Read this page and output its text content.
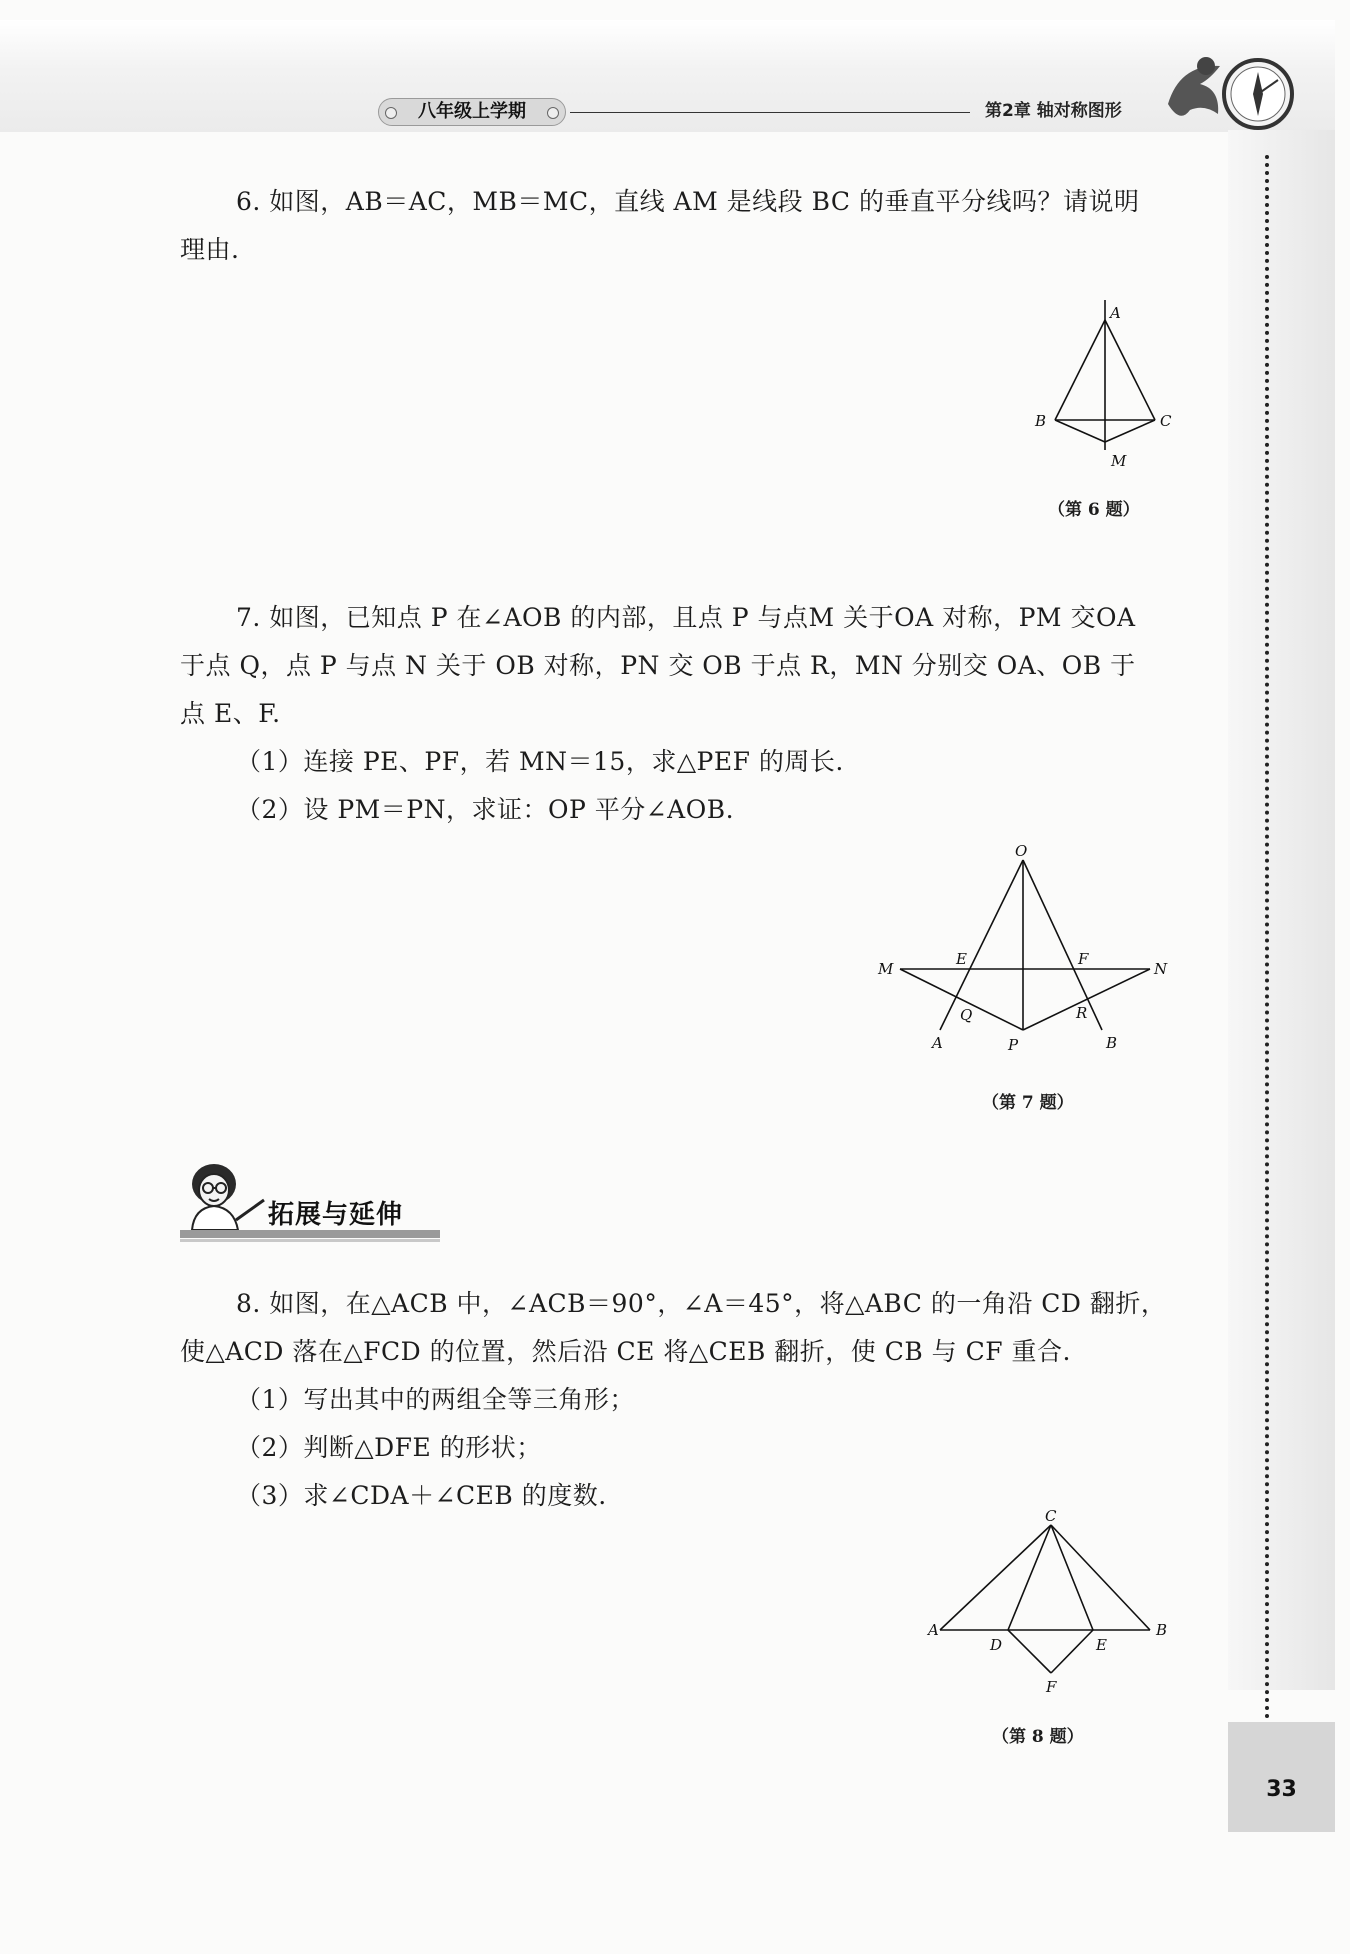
八年级上学期	第2章 轴对称图形
33
6. 如图，AB＝AC，MB＝MC，直线 AM 是线段 BC 的垂直平分线吗？请说明
理由.
A
B	C
M
（第 6 题）
7. 如图，已知点 P 在∠AOB 的内部，且点 P 与点M 关于OA 对称，PM 交OA
于点 Q，点 P 与点 N 关于 OB 对称，PN 交 OB 于点 R，MN 分别交 OA、OB 于
点 E、F.
（1）连接 PE、PF，若 MN＝15，求△PEF 的周长.
（2）设 PM＝PN，求证：OP 平分∠AOB.
O
M	N
E	F
Q	R
A	B
P
（第 7 题）
拓展与延伸
8. 如图，在△ACB 中，∠ACB＝90°，∠A＝45°，将△ABC 的一角沿 CD 翻折，
使△ACD 落在△FCD 的位置，然后沿 CE 将△CEB 翻折，使 CB 与 CF 重合.
（1）写出其中的两组全等三角形；
（2）判断△DFE 的形状；
（3）求∠CDA＋∠CEB 的度数.
C
A	B
D	E
F
（第 8 题）
